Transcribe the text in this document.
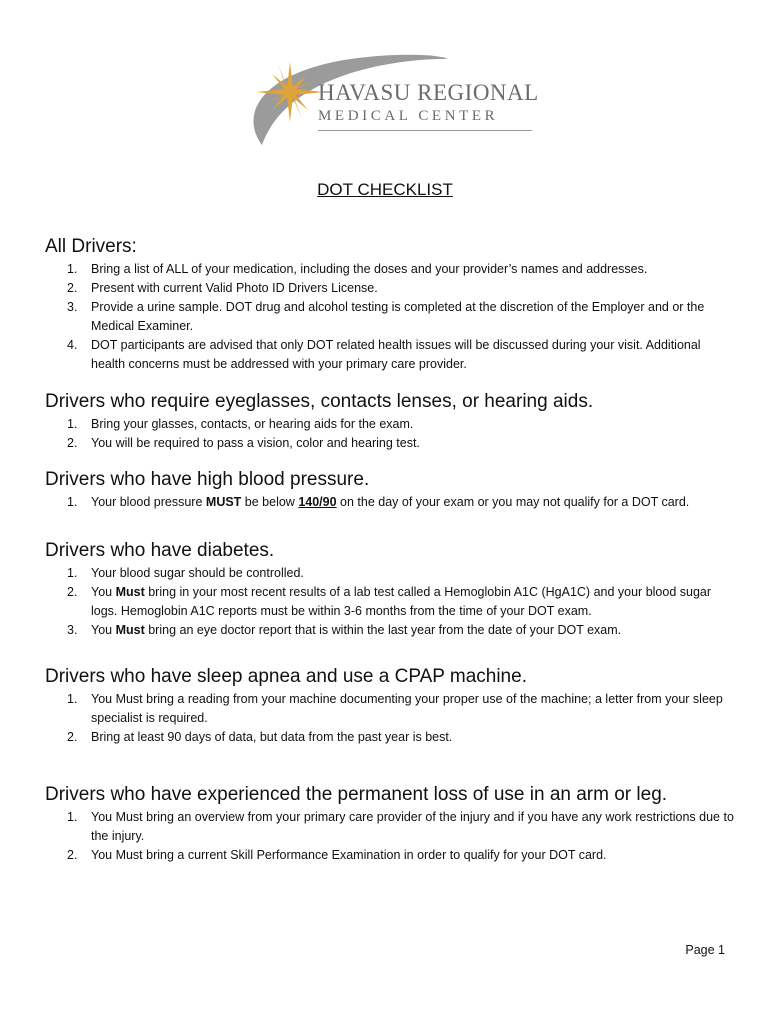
HAVASU REGIONAL
MEDICAL CENTER
DOT CHECKLIST
All Drivers:
1. Bring a list of ALL of your medication, including the doses and your provider’s names and addresses.
2. Present with current Valid Photo ID Drivers License.
3. Provide a urine sample. DOT drug and alcohol testing is completed at the discretion of the Employer and or the Medical Examiner.
4. DOT participants are advised that only DOT related health issues will be discussed during your visit. Additional health concerns must be addressed with your primary care provider.
Drivers who require eyeglasses, contacts lenses, or hearing aids.
1. Bring your glasses, contacts, or hearing aids for the exam.
2. You will be required to pass a vision, color and hearing test.
Drivers who have high blood pressure.
1. Your blood pressure MUST be below 140/90 on the day of your exam or you may not qualify for a DOT card.
Drivers who have diabetes.
1. Your blood sugar should be controlled.
2. You Must bring in your most recent results of a lab test called a Hemoglobin A1C (HgA1C) and your blood sugar logs. Hemoglobin A1C reports must be within 3-6 months from the time of your DOT exam.
3. You Must bring an eye doctor report that is within the last year from the date of your DOT exam.
Drivers who have sleep apnea and use a CPAP machine.
1. You Must bring a reading from your machine documenting your proper use of the machine; a letter from your sleep specialist is required.
2. Bring at least 90 days of data, but data from the past year is best.
Drivers who have experienced the permanent loss of use in an arm or leg.
1. You Must bring an overview from your primary care provider of the injury and if you have any work restrictions due to the injury.
2. You Must bring a current Skill Performance Examination in order to qualify for your DOT card.
Page 1
